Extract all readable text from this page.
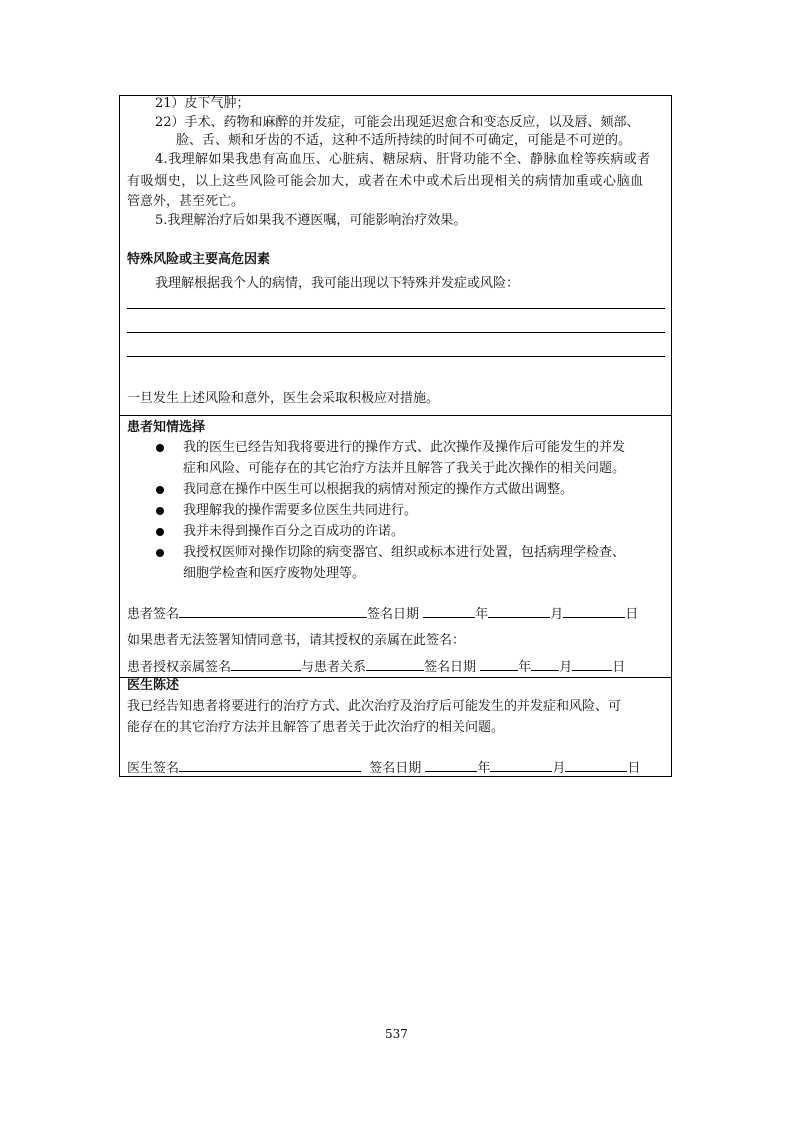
21）皮下气肿；
22）手术、药物和麻醉的并发症，可能会出现延迟愈合和变态反应，以及唇、颏部、
脸、舌、颊和牙齿的不适，这种不适所持续的时间不可确定，可能是不可逆的。
4.我理解如果我患有高血压、心脏病、糖尿病、肝肾功能不全、静脉血栓等疾病或者
有吸烟史，以上这些风险可能会加大，或者在术中或术后出现相关的病情加重或心脑血
管意外，甚至死亡。
5.我理解治疗后如果我不遵医嘱，可能影响治疗效果。
特殊风险或主要高危因素
我理解根据我个人的病情，我可能出现以下特殊并发症或风险：
一旦发生上述风险和意外，医生会采取积极应对措施。
患者知情选择
我的医生已经告知我将要进行的操作方式、此次操作及操作后可能发生的并发
症和风险、可能存在的其它治疗方法并且解答了我关于此次操作的相关问题。
我同意在操作中医生可以根据我的病情对预定的操作方式做出调整。
我理解我的操作需要多位医生共同进行。
我并未得到操作百分之百成功的许诺。
我授权医师对操作切除的病变器官、组织或标本进行处置，包括病理学检查、
细胞学检查和医疗废物处理等。
患者签名	签名日期	年	月	日
如果患者无法签署知情同意书，请其授权的亲属在此签名：
患者授权亲属签名	与患者关系	签名日期	年 月	日
医生陈述
我已经告知患者将要进行的治疗方式、此次治疗及治疗后可能发生的并发症和风险、可
能存在的其它治疗方法并且解答了患者关于此次治疗的相关问题。
医生签名	签名日期	年	月	日
537
